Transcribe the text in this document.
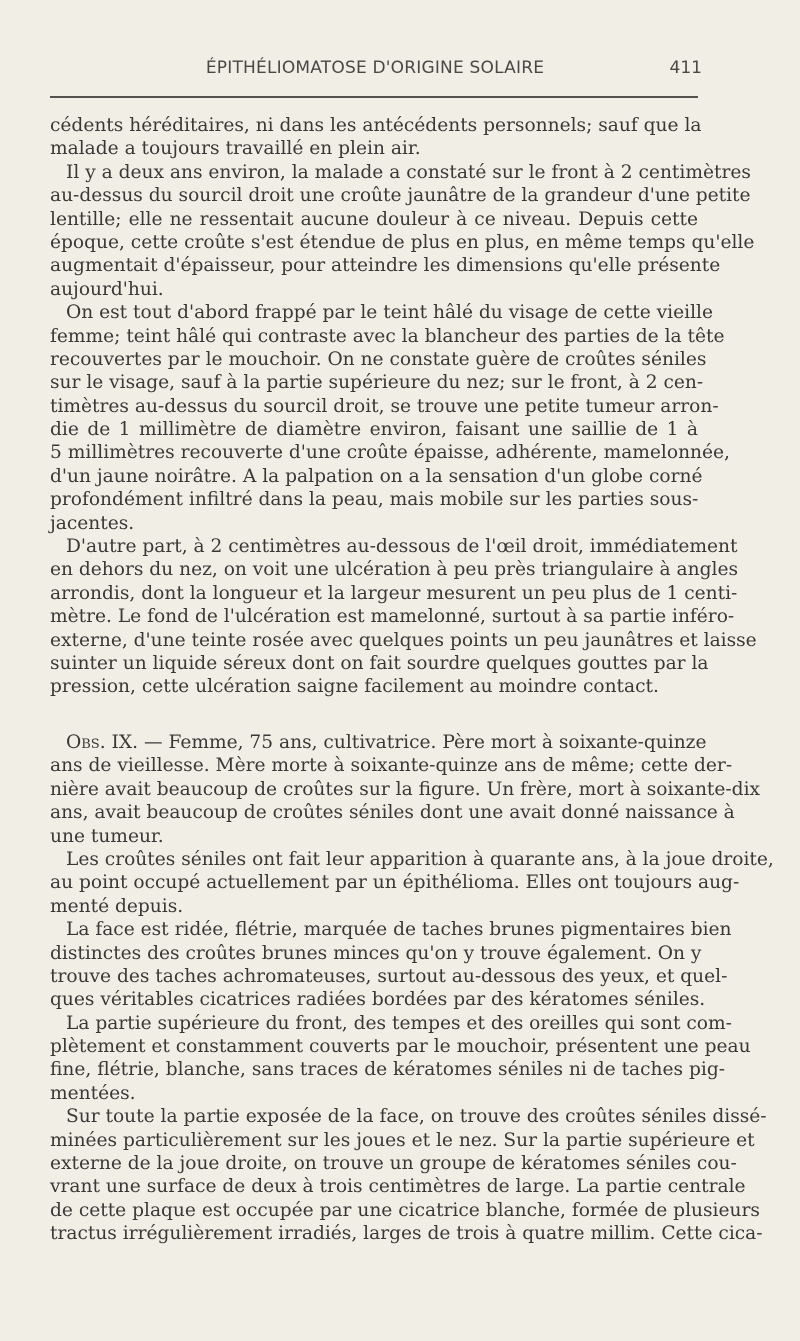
ÉPITHÉLIOMATOSE D'ORIGINE SOLAIRE	411
cédents héréditaires, ni dans les antécédents personnels; sauf que la
malade a toujours travaillé en plein air.
Il y a deux ans environ, la malade a constaté sur le front à 2 centimètres
au-dessus du sourcil droit une croûte jaunâtre de la grandeur d'une petite
lentille; elle ne ressentait aucune douleur à ce niveau. Depuis cette
époque, cette croûte s'est étendue de plus en plus, en même temps qu'elle
augmentait d'épaisseur, pour atteindre les dimensions qu'elle présente
aujourd'hui.
On est tout d'abord frappé par le teint hâlé du visage de cette vieille
femme; teint hâlé qui contraste avec la blancheur des parties de la tête
recouvertes par le mouchoir. On ne constate guère de croûtes séniles
sur le visage, sauf à la partie supérieure du nez; sur le front, à 2 cen-
timètres au-dessus du sourcil droit, se trouve une petite tumeur arron-
die de 1 millimètre de diamètre environ, faisant une saillie de 1 à
5 millimètres recouverte d'une croûte épaisse, adhérente, mamelonnée,
d'un jaune noirâtre. A la palpation on a la sensation d'un globe corné
profondément infiltré dans la peau, mais mobile sur les parties sous-
jacentes.
D'autre part, à 2 centimètres au-dessous de l'œil droit, immédiatement
en dehors du nez, on voit une ulcération à peu près triangulaire à angles
arrondis, dont la longueur et la largeur mesurent un peu plus de 1 centi-
mètre. Le fond de l'ulcération est mamelonné, surtout à sa partie inféro-
externe, d'une teinte rosée avec quelques points un peu jaunâtres et laisse
suinter un liquide séreux dont on fait sourdre quelques gouttes par la
pression, cette ulcération saigne facilement au moindre contact.
Obs. IX. — Femme, 75 ans, cultivatrice. Père mort à soixante-quinze
ans de vieillesse. Mère morte à soixante-quinze ans de même; cette der-
nière avait beaucoup de croûtes sur la figure. Un frère, mort à soixante-dix
ans, avait beaucoup de croûtes séniles dont une avait donné naissance à
une tumeur.
Les croûtes séniles ont fait leur apparition à quarante ans, à la joue droite,
au point occupé actuellement par un épithélioma. Elles ont toujours aug-
menté depuis.
La face est ridée, flétrie, marquée de taches brunes pigmentaires bien
distinctes des croûtes brunes minces qu'on y trouve également. On y
trouve des taches achromateuses, surtout au-dessous des yeux, et quel-
ques véritables cicatrices radiées bordées par des kératomes séniles.
La partie supérieure du front, des tempes et des oreilles qui sont com-
plètement et constamment couverts par le mouchoir, présentent une peau
fine, flétrie, blanche, sans traces de kératomes séniles ni de taches pig-
mentées.
Sur toute la partie exposée de la face, on trouve des croûtes séniles dissé-
minées particulièrement sur les joues et le nez. Sur la partie supérieure et
externe de la joue droite, on trouve un groupe de kératomes séniles cou-
vrant une surface de deux à trois centimètres de large. La partie centrale
de cette plaque est occupée par une cicatrice blanche, formée de plusieurs
tractus irrégulièrement irradiés, larges de trois à quatre millim. Cette cica-
